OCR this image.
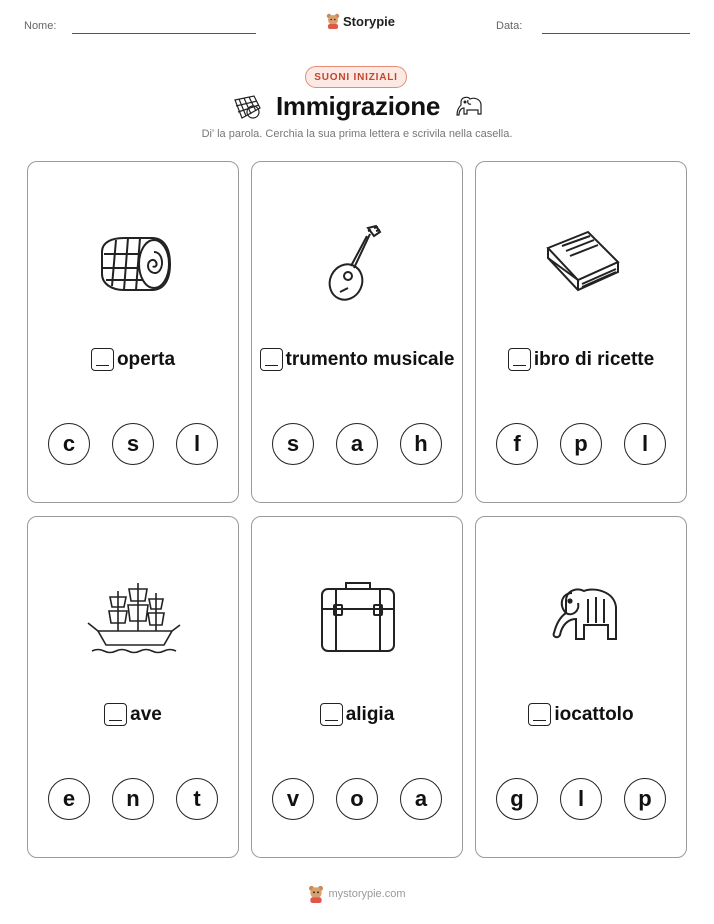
Nome:	Storypie	Data:
SUONI INIZIALI
Immigrazione
Di' la parola. Cerchia la sua prima lettera e scrivila nella casella.
operta
c	s	l
trumento musicale
s	a	h
ibro di ricette
f	p	l
ave
e	n	t
aligia
v	o	a
iocattolo
g	l	p
mystorypie.com
